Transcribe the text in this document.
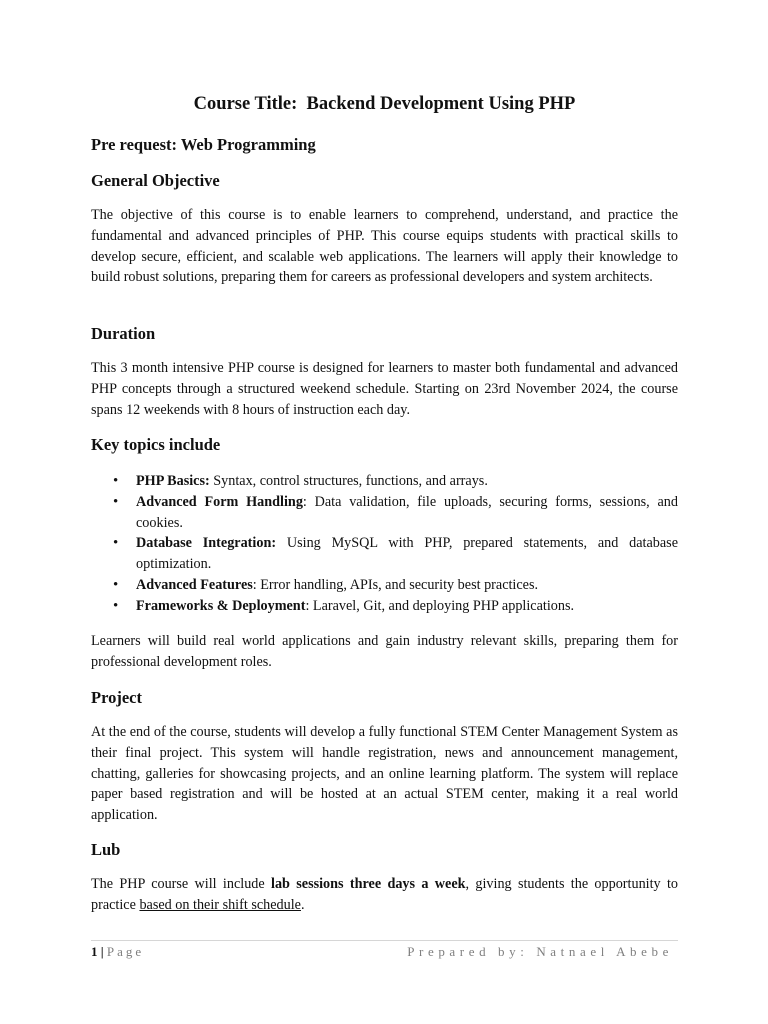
Course Title:  Backend Development Using PHP
Pre request: Web Programming
General Objective
The objective of this course is to enable learners to comprehend, understand, and practice the fundamental and advanced principles of PHP. This course equips students with practical skills to develop secure, efficient, and scalable web applications. The learners will apply their knowledge to build robust solutions, preparing them for careers as professional developers and system architects.
Duration
This 3 month intensive PHP course is designed for learners to master both fundamental and advanced PHP concepts through a structured weekend schedule. Starting on 23rd November 2024, the course spans 12 weekends with 8 hours of instruction each day.
Key topics include
• PHP Basics: Syntax, control structures, functions, and arrays.
• Advanced Form Handling: Data validation, file uploads, securing forms, sessions, and cookies.
• Database Integration: Using MySQL with PHP, prepared statements, and database optimization.
• Advanced Features: Error handling, APIs, and security best practices.
• Frameworks & Deployment: Laravel, Git, and deploying PHP applications.
Learners will build real world applications and gain industry relevant skills, preparing them for professional development roles.
Project
At the end of the course, students will develop a fully functional STEM Center Management System as their final project. This system will handle registration, news and announcement management, chatting, galleries for showcasing projects, and an online learning platform. The system will replace paper based registration and will be hosted at an actual STEM center, making it a real world application.
Lub
The PHP course will include lab sessions three days a week, giving students the opportunity to practice based on their shift schedule.
1 | Page	Prepared by: Natnael Abebe
